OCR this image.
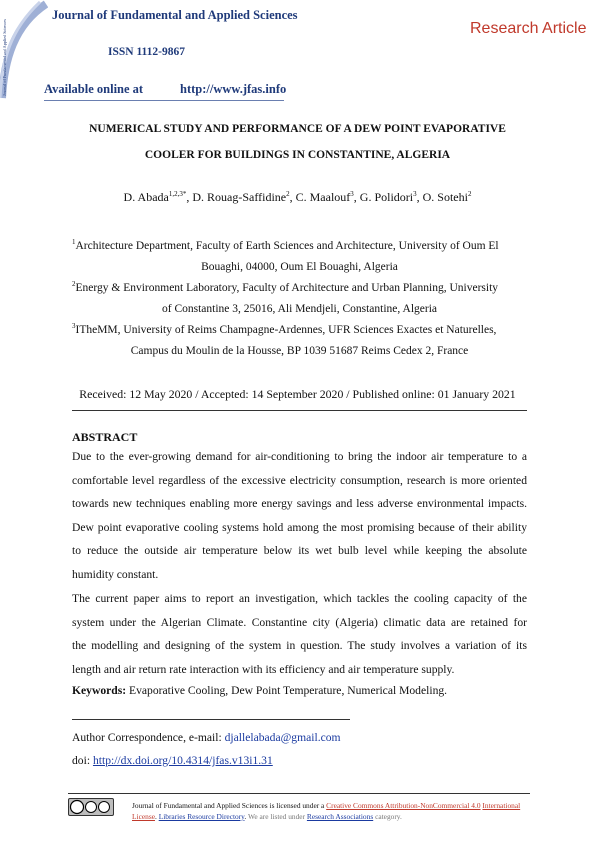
Journal of Fundamental and Applied Sciences
Journal of Fundamental and Applied Sciences
ISSN 1112-9867
Available online at	http://www.jfas.info
Research Article
NUMERICAL STUDY AND PERFORMANCE OF A DEW POINT EVAPORATIVE
COOLER FOR BUILDINGS IN CONSTANTINE, ALGERIA
D. Abada$^{1,2,3*}$, D. Rouag-Saffidine$^2$, C. Maalouf$^3$, G. Polidori$^3$, O. Sotehi$^2$
$^1$Architecture Department, Faculty of Earth Sciences and Architecture, University of Oum El
Bouaghi, 04000, Oum El Bouaghi, Algeria
$^2$Energy & Environment Laboratory, Faculty of Architecture and Urban Planning, University
of Constantine 3, 25016, Ali Mendjeli, Constantine, Algeria
$^3$ITheMM, University of Reims Champagne-Ardennes, UFR Sciences Exactes et Naturelles,
Campus du Moulin de la Housse, BP 1039 51687 Reims Cedex 2, France
Received: 12 May 2020 / Accepted: 14 September 2020 / Published online: 01 January 2021
ABSTRACT
Due to the ever-growing demand for air-conditioning to bring the indoor air temperature to a
comfortable level regardless of the excessive electricity consumption, research is more oriented
towards new techniques enabling more energy savings and less adverse environmental impacts.
Dew point evaporative cooling systems hold among the most promising because of their ability
to reduce the outside air temperature below its wet bulb level while keeping the absolute
humidity constant.
The current paper aims to report an investigation, which tackles the cooling capacity of the
system under the Algerian Climate. Constantine city (Algeria) climatic data are retained for
the modelling and designing of the system in question. The study involves a variation of its
length and air return rate interaction with its efficiency and air temperature supply.
Keywords: Evaporative Cooling, Dew Point Temperature, Numerical Modeling.
Author Correspondence, e-mail: djallelabada@gmail.com
doi: http://dx.doi.org/10.4314/jfas.v13i1.31
Journal of Fundamental and Applied Sciences is licensed under a Creative Commons Attribution-NonCommercial 4.0 International License. Libraries Resource Directory. We are listed under Research Associations category.
